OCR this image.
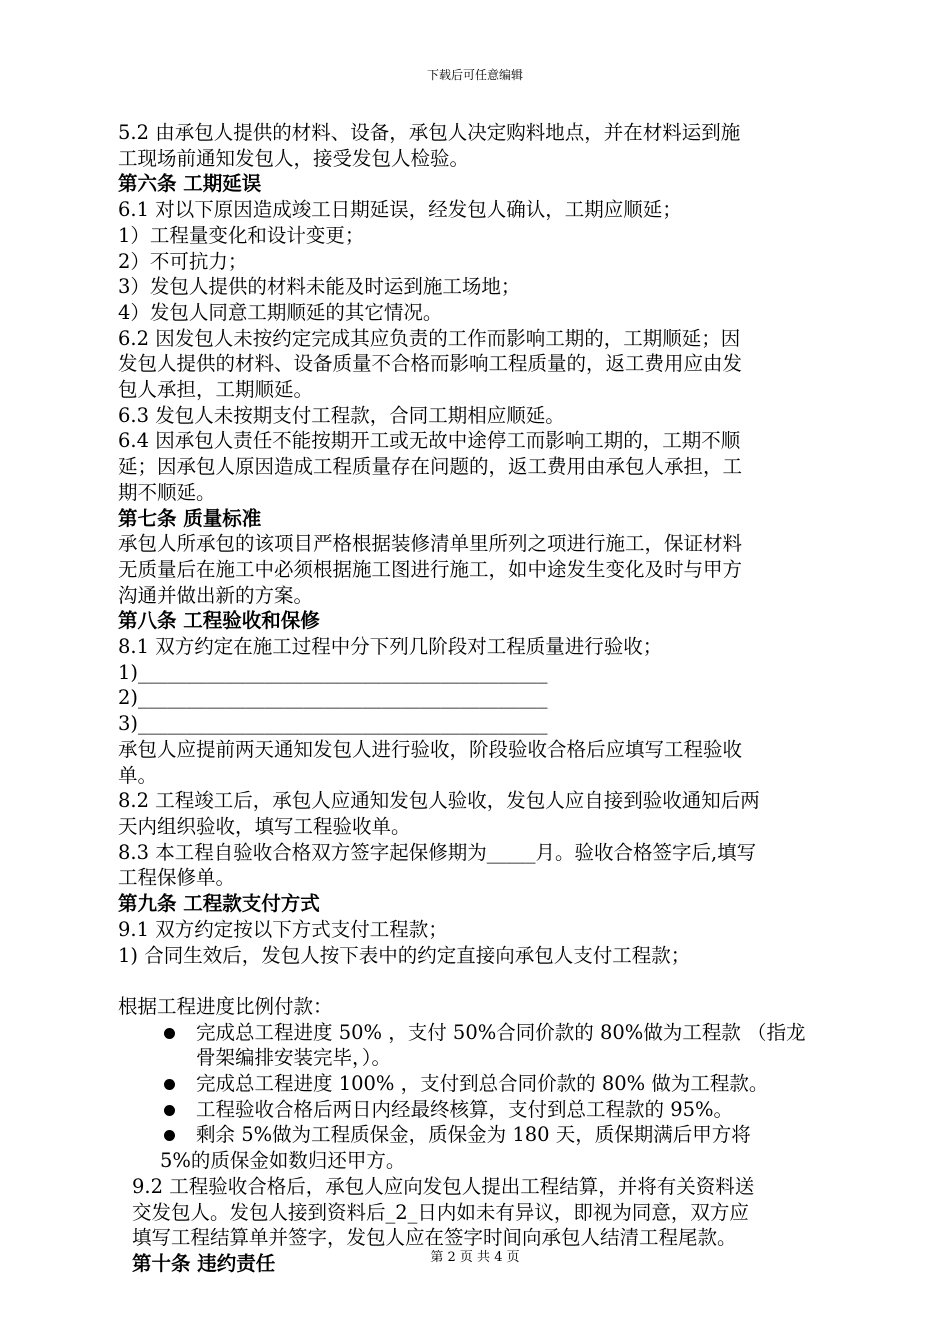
下载后可任意编辑
5.2 由承包人提供的材料、设备，承包人决定购料地点，并在材料运到施
工现场前通知发包人，接受发包人检验。
第六条 工期延误
6.1 对以下原因造成竣工日期延误，经发包人确认，工期应顺延；
1）工程量变化和设计变更；
2）不可抗力；
3）发包人提供的材料未能及时运到施工场地；
4）发包人同意工期顺延的其它情况。
6.2 因发包人未按约定完成其应负责的工作而影响工期的，工期顺延；因
发包人提供的材料、设备质量不合格而影响工程质量的，返工费用应由发
包人承担，工期顺延。
6.3 发包人未按期支付工程款，合同工期相应顺延。
6.4 因承包人责任不能按期开工或无故中途停工而影响工期的，工期不顺
延；因承包人原因造成工程质量存在问题的，返工费用由承包人承担，工
期不顺延。
第七条 质量标准
承包人所承包的该项目严格根据装修清单里所列之项进行施工，保证材料
无质量后在施工中必须根据施工图进行施工，如中途发生变化及时与甲方
沟通并做出新的方案。
第八条 工程验收和保修
8.1 双方约定在施工过程中分下列几阶段对工程质量进行验收；
1)__________________________________________
2)__________________________________________
3)__________________________________________
承包人应提前两天通知发包人进行验收，阶段验收合格后应填写工程验收
单。
8.2 工程竣工后，承包人应通知发包人验收，发包人应自接到验收通知后两
天内组织验收，填写工程验收单。
8.3 本工程自验收合格双方签字起保修期为_____月。验收合格签字后,填写
工程保修单。
第九条 工程款支付方式
9.1 双方约定按以下方式支付工程款；
1) 合同生效后，发包人按下表中的约定直接向承包人支付工程款；
根据工程进度比例付款：
完成总工程进度 50% ，支付 50%合同价款的 80%做为工程款 （指龙
骨架编排安装完毕，）。
完成总工程进度 100% ，支付到总合同价款的 80% 做为工程款。
工程验收合格后两日内经最终核算，支付到总工程款的 95%。
剩余 5%做为工程质保金，质保金为 180 天，质保期满后甲方将
5%的质保金如数归还甲方。
9.2 工程验收合格后，承包人应向发包人提出工程结算，并将有关资料送
交发包人。发包人接到资料后_2_日内如未有异议，即视为同意，双方应
填写工程结算单并签字，发包人应在签字时间向承包人结清工程尾款。
第十条 违约责任	第 2 页 共 4 页
